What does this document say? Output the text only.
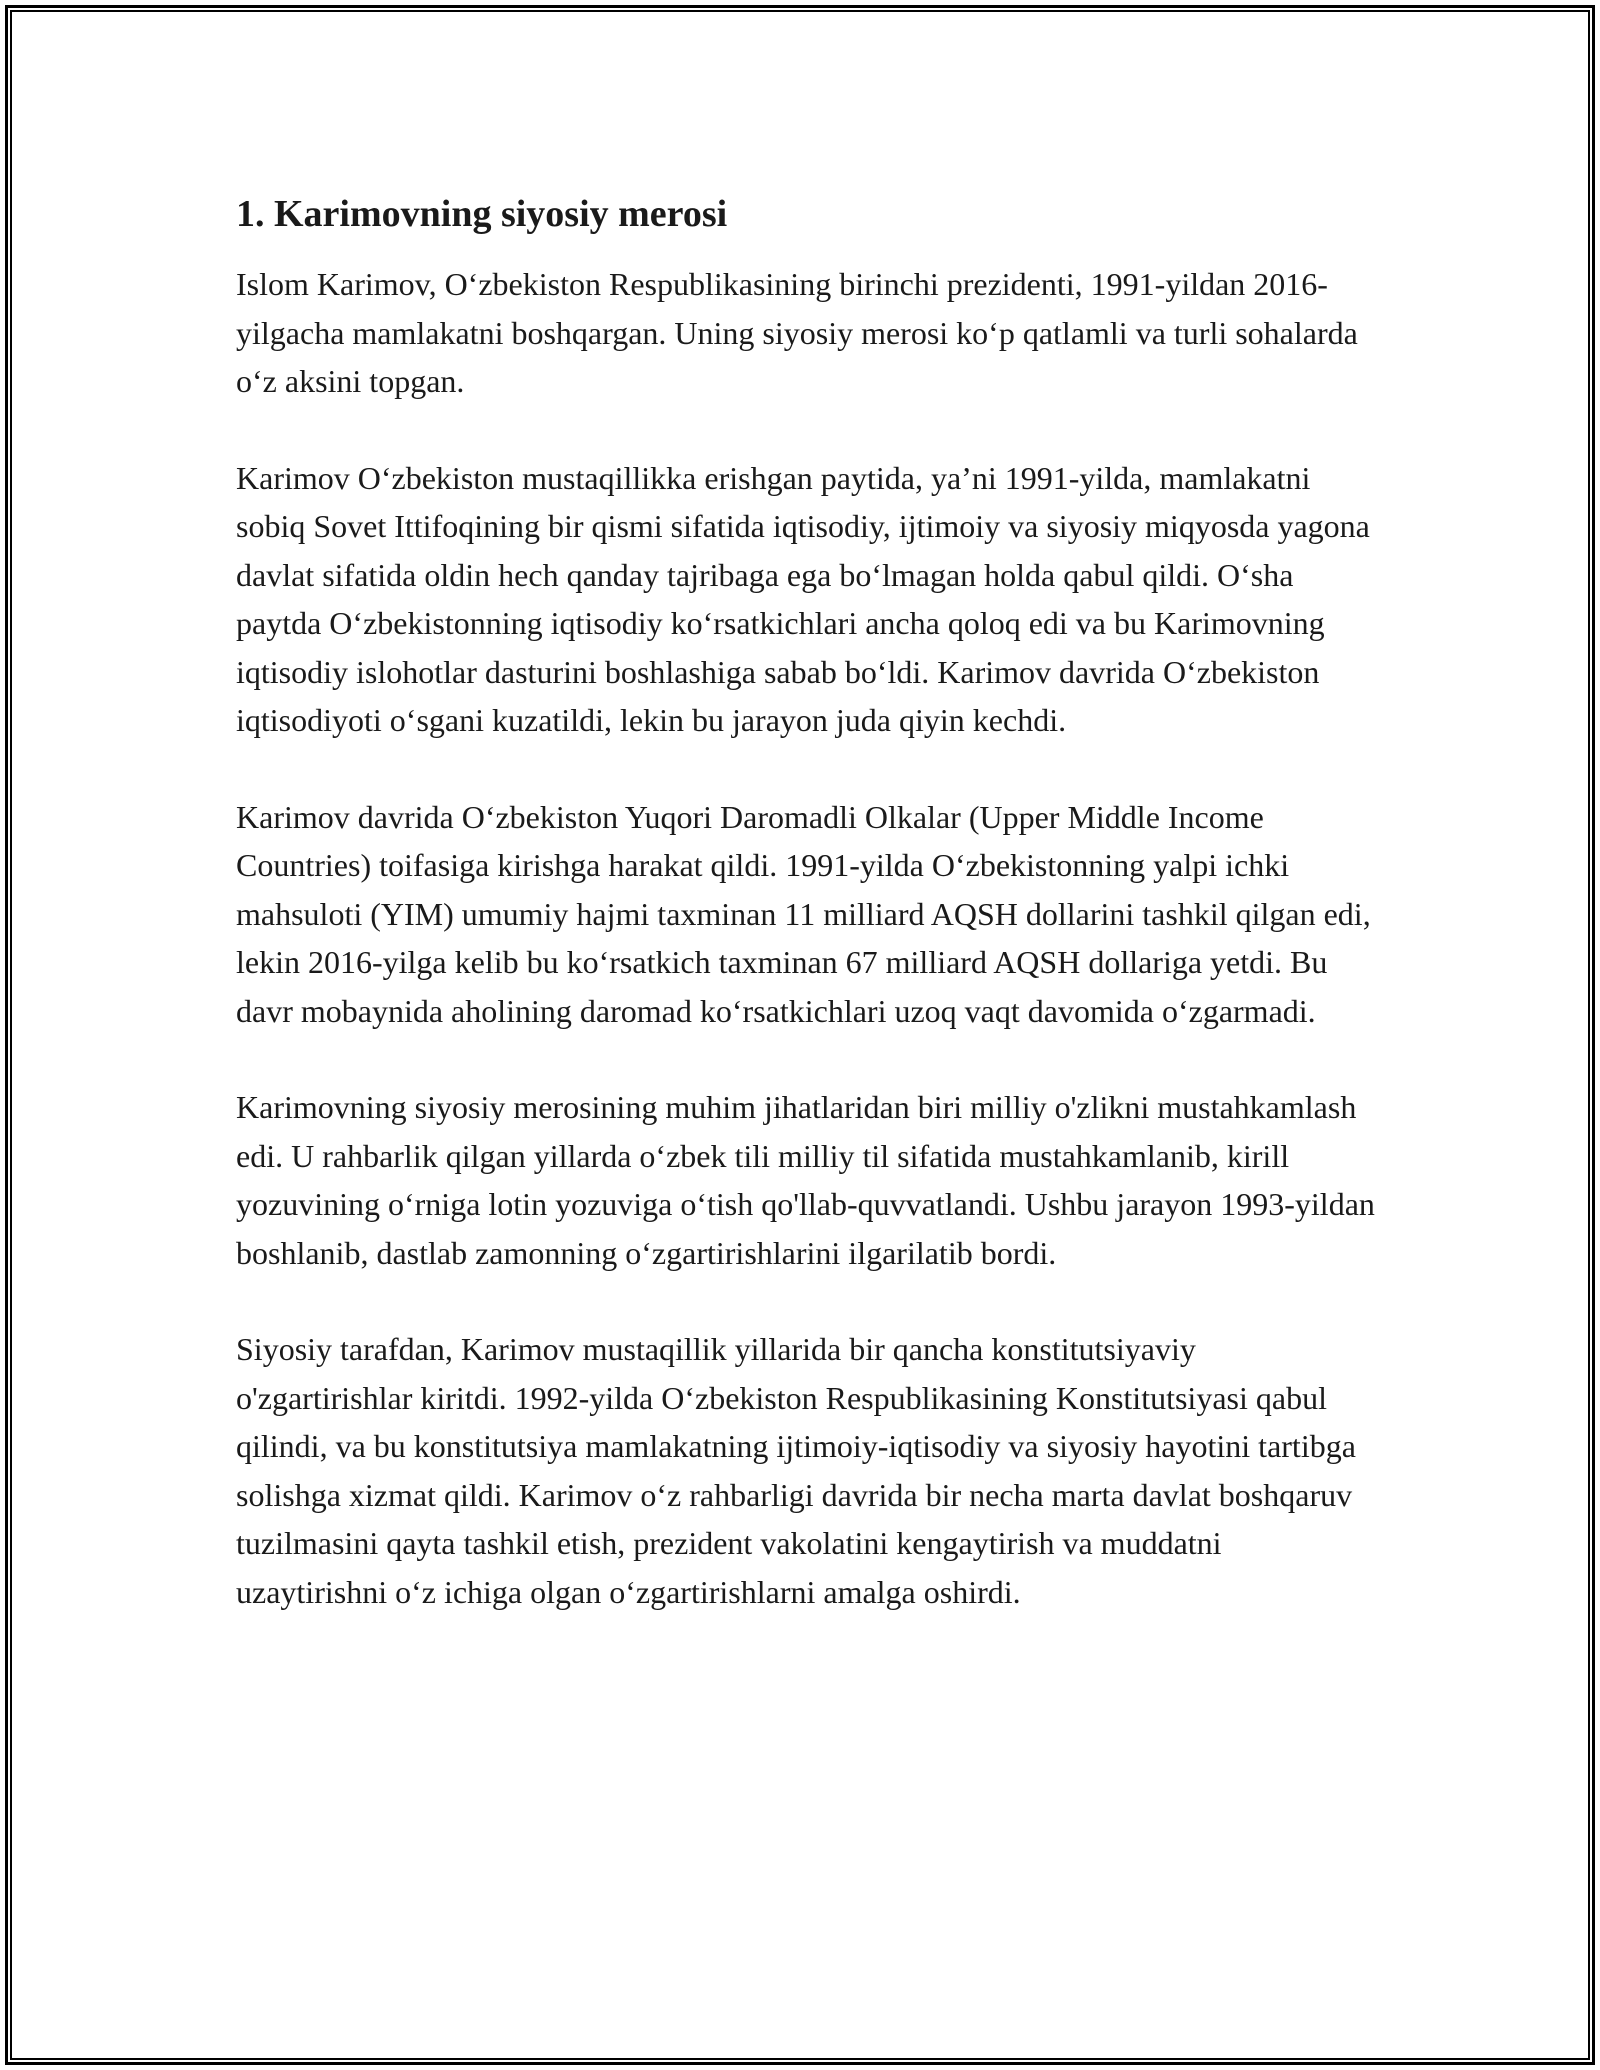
1. Karimovning siyosiy merosi

Islom Karimov, O‘zbekiston Respublikasining birinchi prezidenti, 1991-yildan 2016-yilgacha mamlakatni boshqargan. Uning siyosiy merosi ko‘p qatlamli va turli sohalarda o‘z aksini topgan.

Karimov O‘zbekiston mustaqillikka erishgan paytida, ya’ni 1991-yilda, mamlakatni sobiq Sovet Ittifoqining bir qismi sifatida iqtisodiy, ijtimoiy va siyosiy miqyosda yagona davlat sifatida oldin hech qanday tajribaga ega bo‘lmagan holda qabul qildi. O‘sha paytda O‘zbekistonning iqtisodiy ko‘rsatkichlari ancha qoloq edi va bu Karimovning iqtisodiy islohotlar dasturini boshlashiga sabab bo‘ldi. Karimov davrida O‘zbekiston iqtisodiyoti o‘sgani kuzatildi, lekin bu jarayon juda qiyin kechdi.

Karimov davrida O‘zbekiston Yuqori Daromadli Olkalar (Upper Middle Income Countries) toifasiga kirishga harakat qildi. 1991-yilda O‘zbekistonning yalpi ichki mahsuloti (YIM) umumiy hajmi taxminan 11 milliard AQSH dollarini tashkil qilgan edi, lekin 2016-yilga kelib bu ko‘rsatkich taxminan 67 milliard AQSH dollariga yetdi. Bu davr mobaynida aholining daromad ko‘rsatkichlari uzoq vaqt davomida o‘zgarmadi.

Karimovning siyosiy merosining muhim jihatlaridan biri milliy o'zlikni mustahkamlash edi. U rahbarlik qilgan yillarda o‘zbek tili milliy til sifatida mustahkamlanib, kirill yozuvining o‘rniga lotin yozuviga o‘tish qo'llab-quvvatlandi. Ushbu jarayon 1993-yildan boshlanib, dastlab zamonning o‘zgartirishlarini ilgarilatib bordi.

Siyosiy tarafdan, Karimov mustaqillik yillarida bir qancha konstitutsiyaviy o'zgartirishlar kiritdi. 1992-yilda O‘zbekiston Respublikasining Konstitutsiyasi qabul qilindi, va bu konstitutsiya mamlakatning ijtimoiy-iqtisodiy va siyosiy hayotini tartibga solishga xizmat qildi. Karimov o‘z rahbarligi davrida bir necha marta davlat boshqaruv tuzilmasini qayta tashkil etish, prezident vakolatini kengaytirish va muddatni uzaytirishni o‘z ichiga olgan o‘zgartirishlarni amalga oshirdi.
